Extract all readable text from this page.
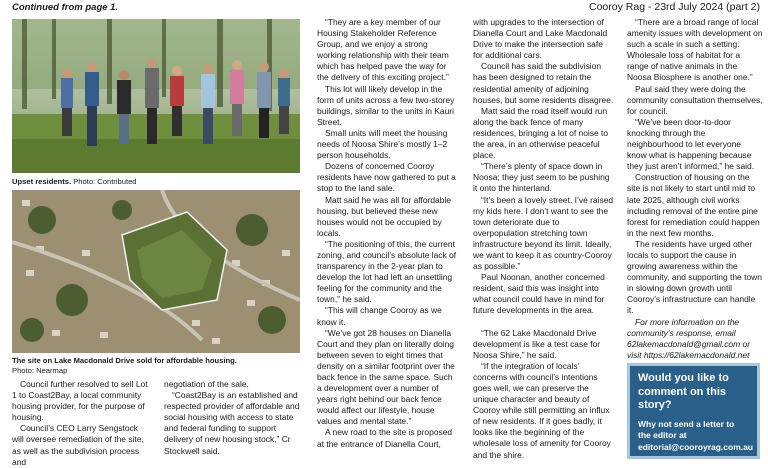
Continued from page 1.	Cooroy Rag - 23rd July 2024 (part 2)
Upset residents. Photo: Contributed
The site on Lake Macdonald Drive sold for affordable housing.
Photo: Nearmap

Council further resolved to sell Lot 1 to Coast2Bay, a local community housing provider, for the purpose of housing.

Council’s CEO Larry Sengstock will oversee remediation of the site, as well as the subdivision process and

negotiation of the sale.

“Coast2Bay is an established and respected provider of affordable and social housing with access to state and federal funding to support delivery of new housing stock,” Cr Stockwell said.

“They are a key member of our Housing Stakeholder Reference Group, and we enjoy a strong working relationship with their team which has helped pave the way for the delivery of this exciting project.”

This lot will likely develop in the form of units across a few two-storey buildings, similar to the units in Kauri Street.

Small units will meet the housing needs of Noosa Shire’s mostly 1–2 person households.

Dozens of concerned Cooroy residents have now gathered to put a stop to the land sale.

Matt said he was all for affordable housing, but believed these new houses would not be occupied by locals.

“The positioning of this, the current zoning, and council’s absolute lack of transparency in the 2-year plan to develop the lot had left an unsettling feeling for the community and the town,” he said.

“This will change Cooroy as we know it.

“We’ve got 28 houses on Dianella Court and they plan on literally doing between seven to eight times that density on a similar footprint over the back fence in the same space. Such a development over a number of years right behind our back fence would affect our lifestyle, house values and mental state.”

A new road to the site is proposed at the entrance of Dianella Court,

with upgrades to the intersection of Dianella Court and Lake Macdonald Drive to make the intersection safe for additional cars.

Council has said the subdivision has been designed to retain the residential amenity of adjoining houses, but some residents disagree.

Matt said the road itself would run along the back fence of many residences, bringing a lot of noise to the area, in an otherwise peaceful place.

“There’s plenty of space down in Noosa; they just seem to be pushing it onto the hinterland.

“It’s been a lovely street. I’ve raised my kids here. I don’t want to see the town deteriorate due to overpopulation stretching town infrastructure beyond its limit. Ideally, we want to keep it as country-Cooroy as possible.”

Paul Noonan, another concerned resident, said this was insight into what council could have in mind for future developments in the area.

“The 62 Lake Macdonald Drive development is like a test case for Noosa Shire,” he said.

“If the integration of locals’ concerns with council’s intentions goes well, we can preserve the unique character and beauty of Cooroy while still permitting an influx of new residents. If it goes badly, it looks like the beginning of the wholesale loss of amenity for Cooroy and the shire.

“There are a broad range of local amenity issues with development on such a scale in such a setting. Wholesale loss of habitat for a range of native animals in the Noosa Biosphere is another one.”

Paul said they were doing the community consultation themselves, for council.

“We’ve been door-to-door knocking through the neighbourhood to let everyone know what is happening because they just aren’t informed,” he said.

Construction of housing on the site is not likely to start until mid to late 2025, although civil works including removal of the entire pine forest for remediation could happen in the next few months.

The residents have urged other locals to support the cause in growing awareness within the community, and supporting the town in slowing down growth until Cooroy’s infrastructure can handle it.

For more information on the community’s response, email 62lakemacdonald@gmail.com or visit https://62lakemacdonald.net

Would you like to comment on this story?
Why not send a letter to the editor at editorial@cooroyrag.com.au
